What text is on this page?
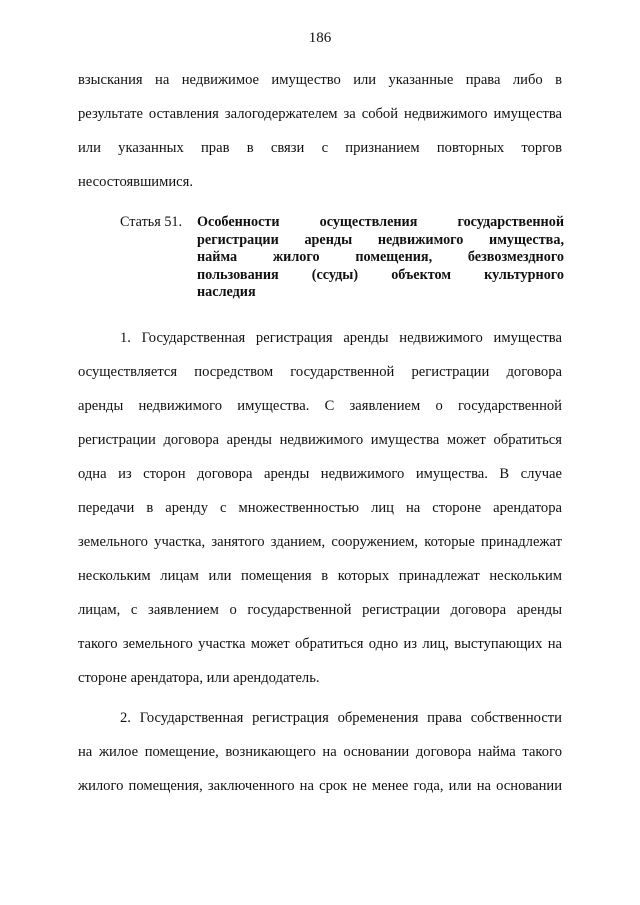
186
взыскания на недвижимое имущество или указанные права либо в
результате оставления залогодержателем за собой недвижимого имущества
или указанных прав в связи с признанием повторных торгов
несостоявшимися.
Статья 51.	Особенности осуществления государственной
регистрации аренды недвижимого имущества,
найма жилого помещения, безвозмездного
пользования (ссуды) объектом культурного
наследия
1. Государственная регистрация аренды недвижимого имущества
осуществляется посредством государственной регистрации договора
аренды недвижимого имущества. С заявлением о государственной
регистрации договора аренды недвижимого имущества может обратиться
одна из сторон договора аренды недвижимого имущества. В случае
передачи в аренду с множественностью лиц на стороне арендатора
земельного участка, занятого зданием, сооружением, которые принадлежат
нескольким лицам или помещения в которых принадлежат нескольким
лицам, с заявлением о государственной регистрации договора аренды
такого земельного участка может обратиться одно из лиц, выступающих на
стороне арендатора, или арендодатель.
2. Государственная регистрация обременения права собственности
на жилое помещение, возникающего на основании договора найма такого
жилого помещения, заключенного на срок не менее года, или на основании
